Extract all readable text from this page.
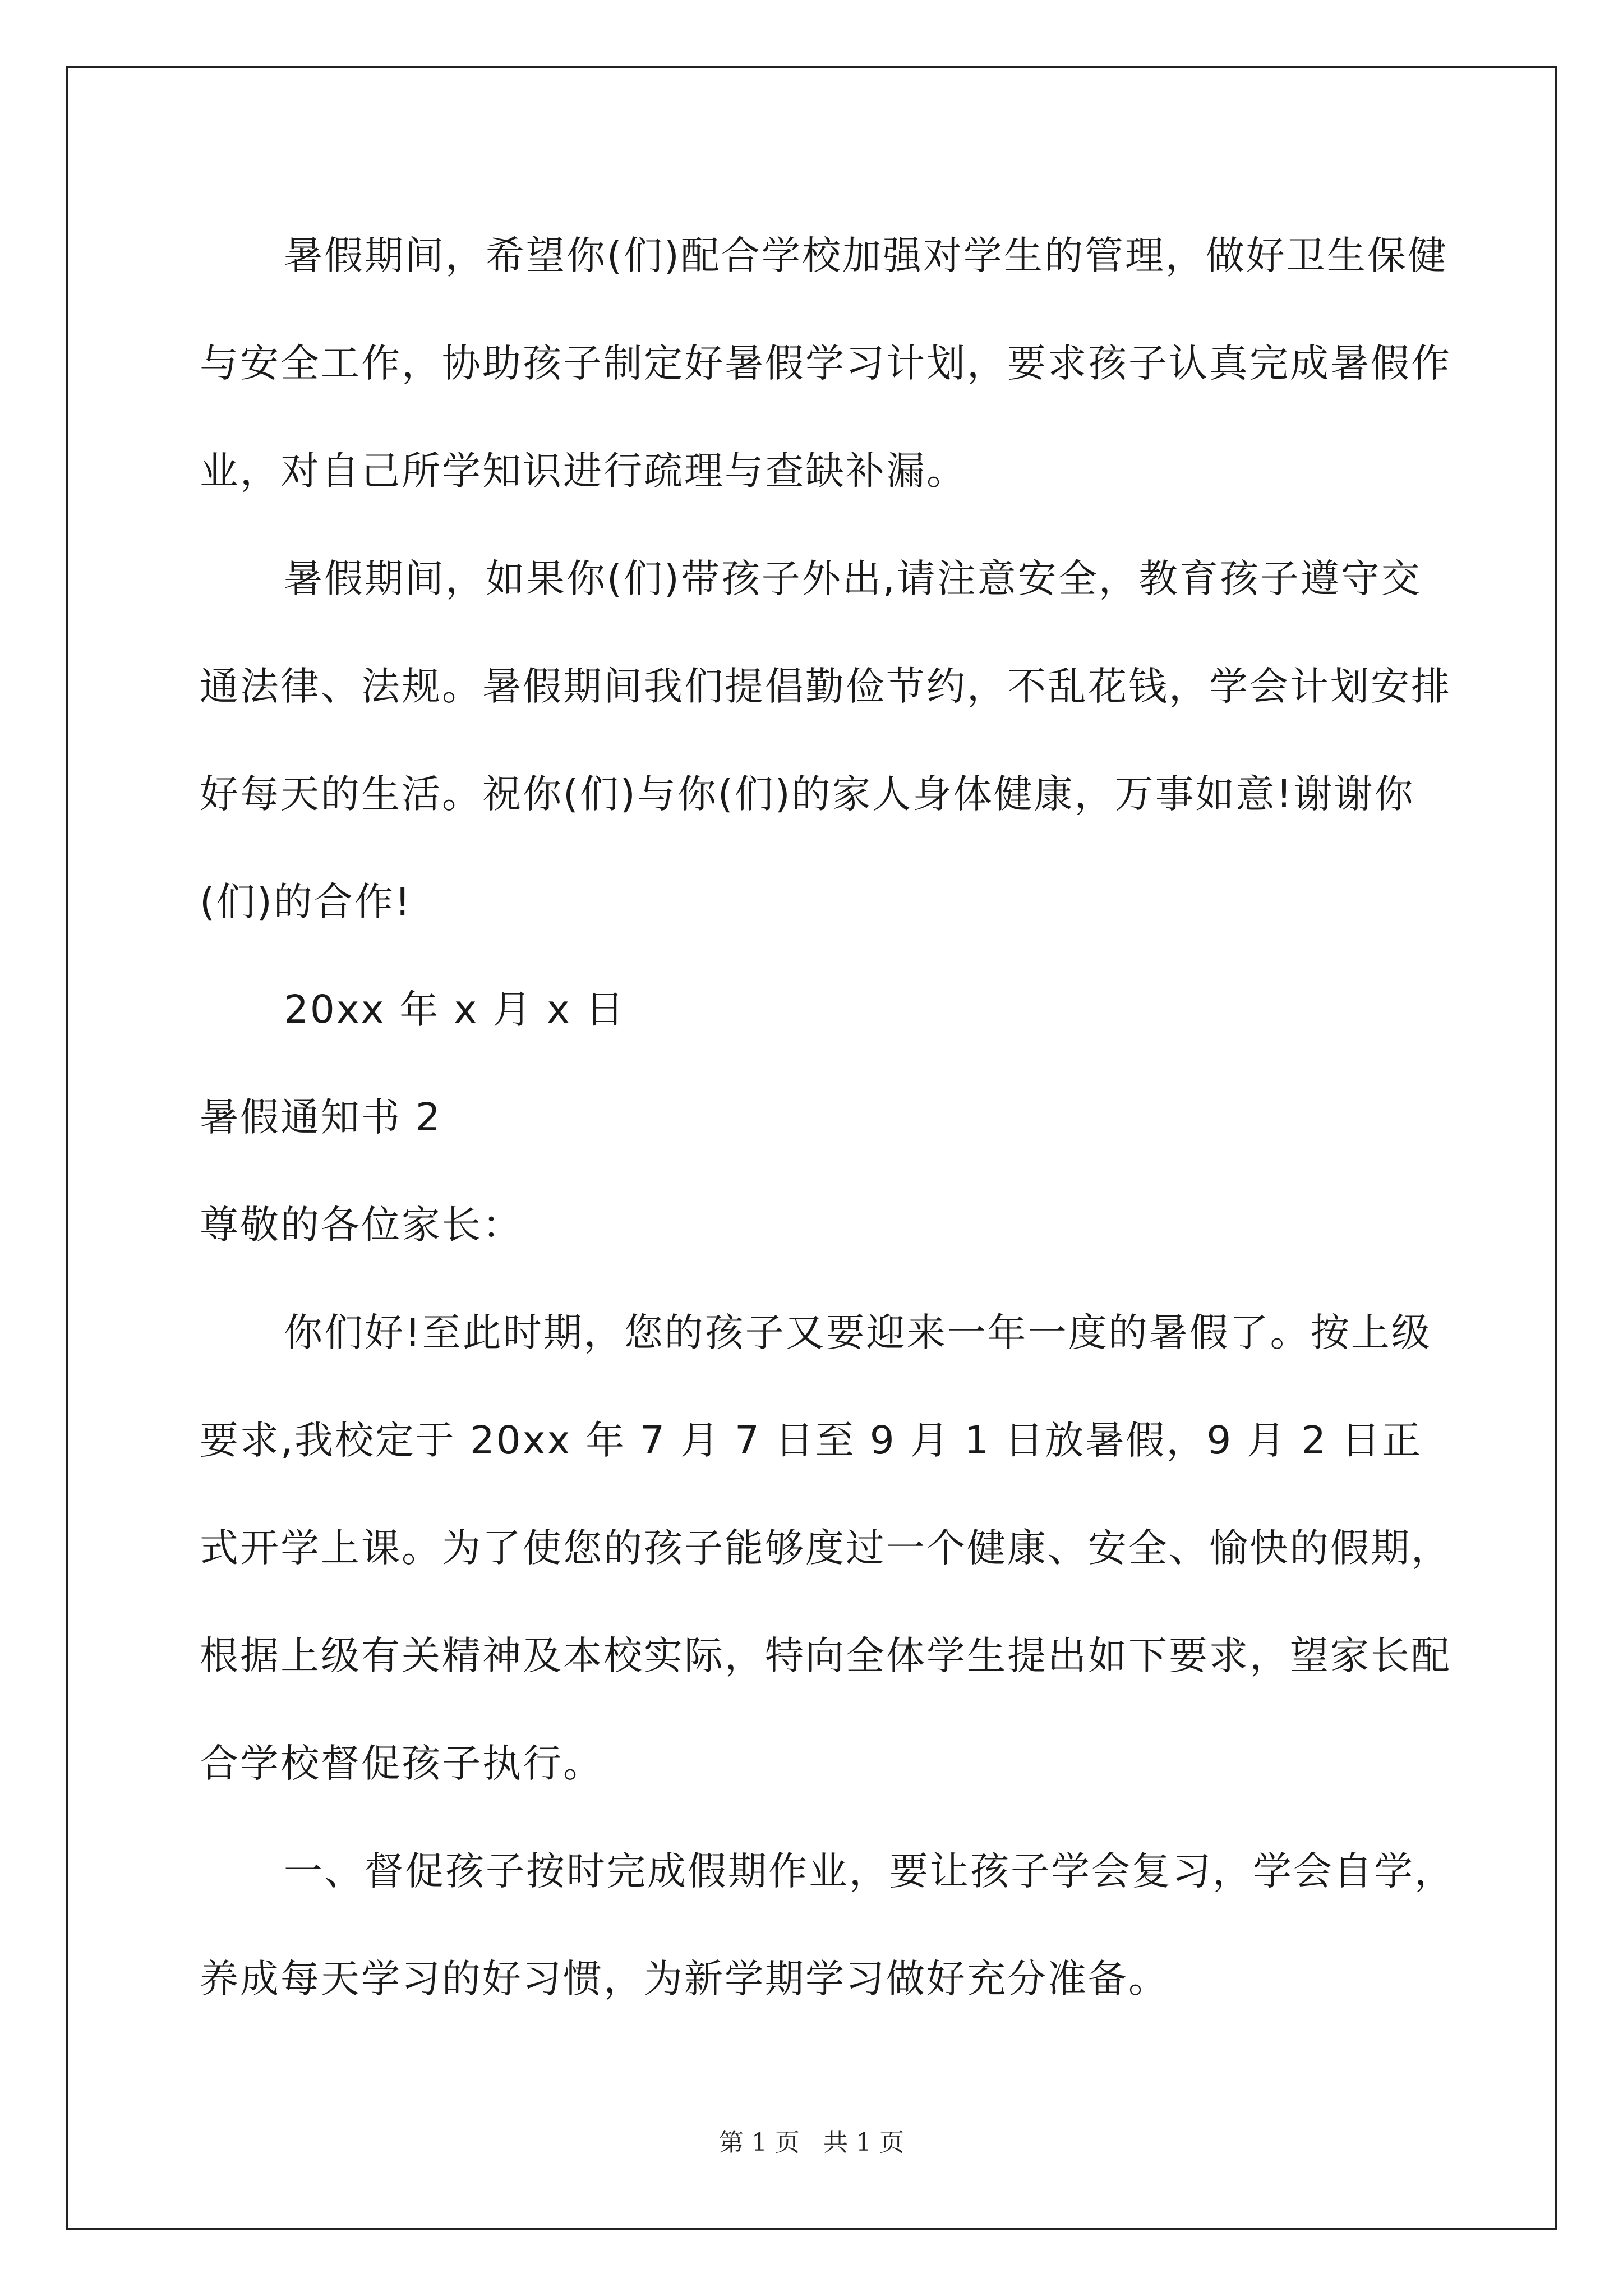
暑假期间，希望你(们)配合学校加强对学生的管理，做好卫生保健与安全工作，协助孩子制定好暑假学习计划，要求孩子认真完成暑假作业，对自己所学知识进行疏理与查缺补漏。

暑假期间，如果你(们)带孩子外出,请注意安全，教育孩子遵守交通法律、法规。暑假期间我们提倡勤俭节约，不乱花钱，学会计划安排好每天的生活。祝你(们)与你(们)的家人身体健康，万事如意!谢谢你(们)的合作!

20xx 年 x 月 x 日

暑假通知书 2

尊敬的各位家长：

你们好!至此时期，您的孩子又要迎来一年一度的暑假了。按上级要求,我校定于 20xx 年 7 月 7 日至 9 月 1 日放暑假，9 月 2 日正式开学上课。为了使您的孩子能够度过一个健康、安全、愉快的假期，根据上级有关精神及本校实际，特向全体学生提出如下要求，望家长配合学校督促孩子执行。

一、督促孩子按时完成假期作业，要让孩子学会复习，学会自学，养成每天学习的好习惯，为新学期学习做好充分准备。

第 1 页 共 1 页
